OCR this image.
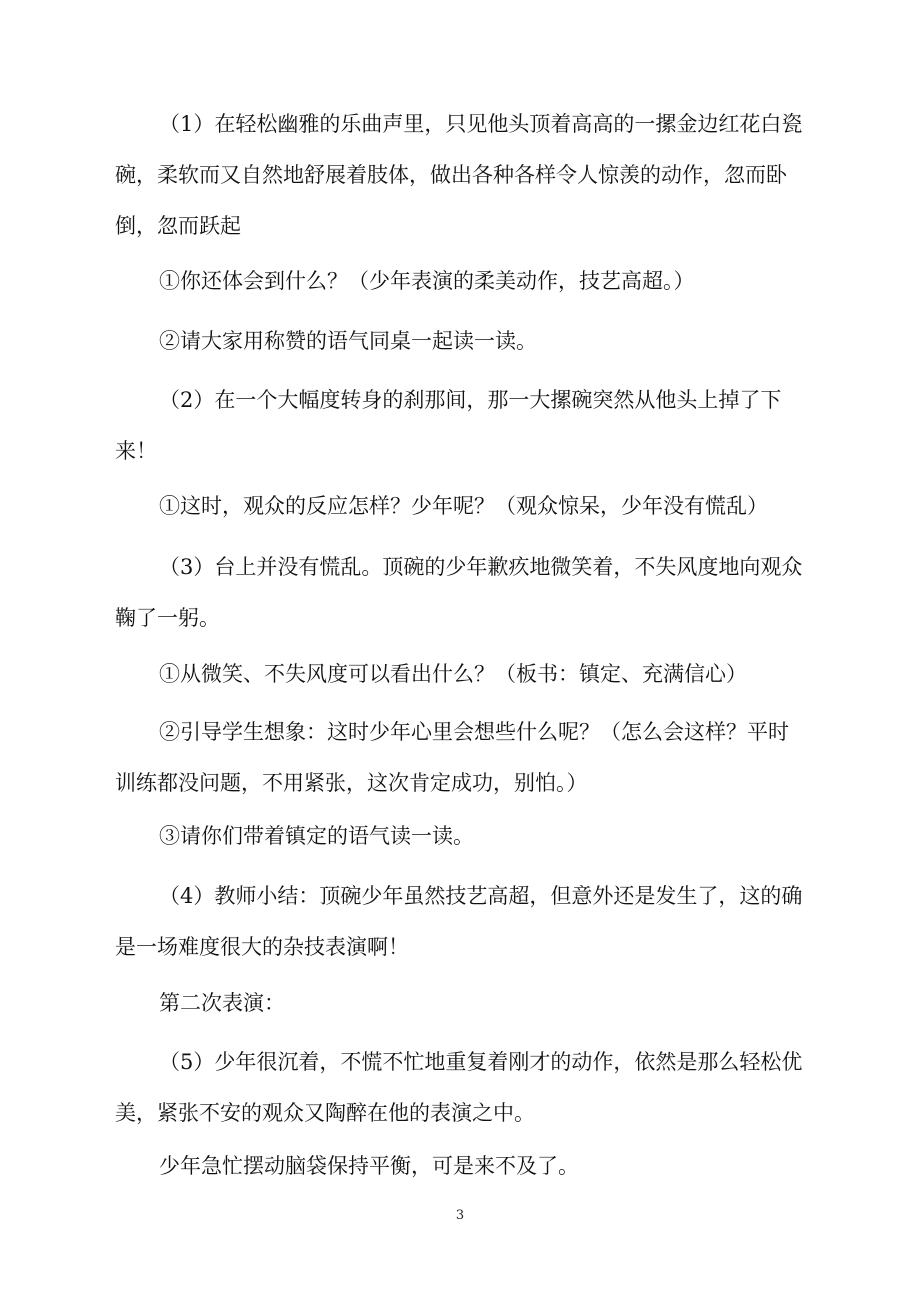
（1）在轻松幽雅的乐曲声里，只见他头顶着高高的一摞金边红花白瓷碗，柔软而又自然地舒展着肢体，做出各种各样令人惊羡的动作，忽而卧倒，忽而跃起

①你还体会到什么？（少年表演的柔美动作，技艺高超。）

②请大家用称赞的语气同桌一起读一读。

（2）在一个大幅度转身的刹那间，那一大摞碗突然从他头上掉了下来！

①这时，观众的反应怎样？少年呢？（观众惊呆，少年没有慌乱）

（3）台上并没有慌乱。顶碗的少年歉疚地微笑着，不失风度地向观众鞠了一躬。

①从微笑、不失风度可以看出什么？（板书：镇定、充满信心）

②引导学生想象：这时少年心里会想些什么呢？（怎么会这样？平时训练都没问题，不用紧张，这次肯定成功，别怕。）

③请你们带着镇定的语气读一读。

（4）教师小结：顶碗少年虽然技艺高超，但意外还是发生了，这的确是一场难度很大的杂技表演啊！

第二次表演：

（5）少年很沉着，不慌不忙地重复着刚才的动作，依然是那么轻松优美，紧张不安的观众又陶醉在他的表演之中。

少年急忙摆动脑袋保持平衡，可是来不及了。

3
